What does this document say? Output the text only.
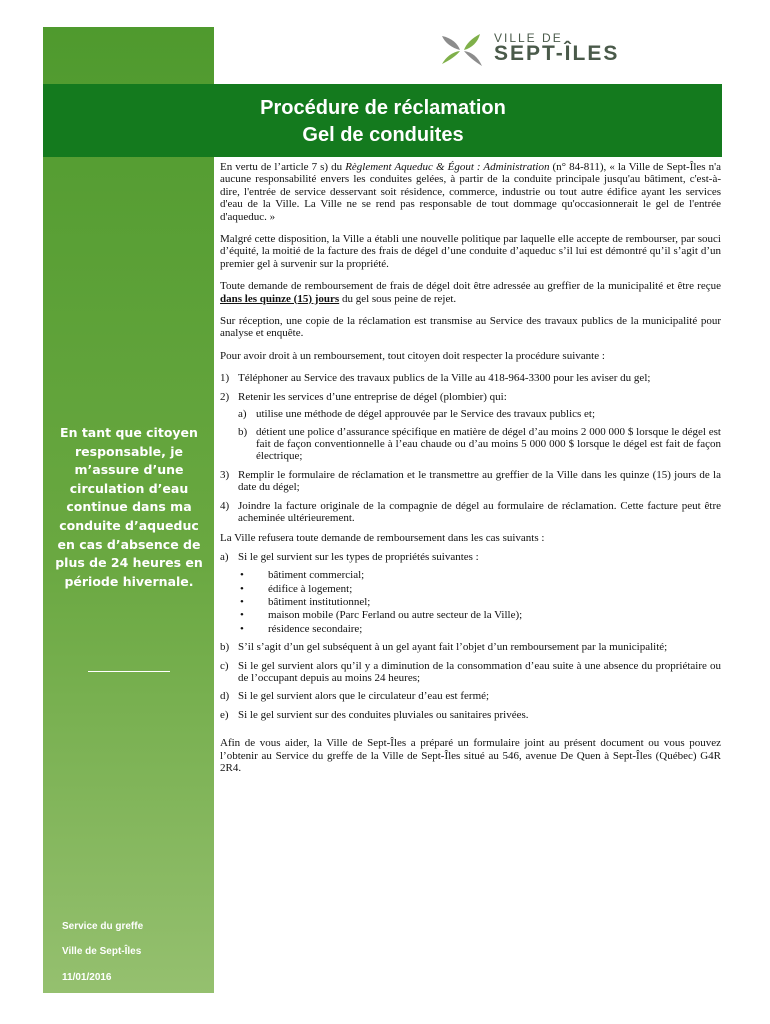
VILLE DE
SEPT-ÎLES
Procédure de réclamation
Gel de conduites
En tant que citoyen responsable, je m’assure d’une circulation d’eau continue dans ma conduite d’aqueduc en cas d’absence de plus de 24 heures en période hivernale.
Service du greffe
Ville de Sept-Îles
11/01/2016

En vertu de l’article 7 s) du Règlement Aqueduc & Égout : Administration (n° 84-811), « la Ville de Sept-Îles n'a aucune responsabilité envers les conduites gelées, à partir de la conduite principale jusqu'au bâtiment, c'est-à-dire, l'entrée de service desservant soit résidence, commerce, industrie ou tout autre édifice ayant les services d'eau de la Ville. La Ville ne se rend pas responsable de tout dommage qu'occasionnerait le gel de l'entrée d'aqueduc. »

Malgré cette disposition, la Ville a établi une nouvelle politique par laquelle elle accepte de rembourser, par souci d’équité, la moitié de la facture des frais de dégel d’une conduite d’aqueduc s’il lui est démontré qu’il s’agit d’un premier gel à survenir sur la propriété.

Toute demande de remboursement de frais de dégel doit être adressée au greffier de la municipalité et être reçue dans les quinze (15) jours du gel sous peine de rejet.

Sur réception, une copie de la réclamation est transmise au Service des travaux publics de la municipalité pour analyse et enquête.

Pour avoir droit à un remboursement, tout citoyen doit respecter la procédure suivante :

1) Téléphoner au Service des travaux publics de la Ville au 418-964-3300 pour les aviser du gel;
2) Retenir les services d’une entreprise de dégel (plombier) qui:
a) utilise une méthode de dégel approuvée par le Service des travaux publics et;
b) détient une police d’assurance spécifique en matière de dégel d’au moins 2 000 000 $ lorsque le dégel est fait de façon conventionnelle à l’eau chaude ou d’au moins 5 000 000 $ lorsque le dégel est fait de façon électrique;
3) Remplir le formulaire de réclamation et le transmettre au greffier de la Ville dans les quinze (15) jours de la date du dégel;
4) Joindre la facture originale de la compagnie de dégel au formulaire de réclamation. Cette facture peut être acheminée ultérieurement.

La Ville refusera toute demande de remboursement dans les cas suivants :

a) Si le gel survient sur les types de propriétés suivantes :
• bâtiment commercial;
• édifice à logement;
• bâtiment institutionnel;
• maison mobile (Parc Ferland ou autre secteur de la Ville);
• résidence secondaire;
b) S’il s’agit d’un gel subséquent à un gel ayant fait l’objet d’un remboursement par la municipalité;
c) Si le gel survient alors qu’il y a diminution de la consommation d’eau suite à une absence du propriétaire ou de l’occupant depuis au moins 24 heures;
d) Si le gel survient alors que le circulateur d’eau est fermé;
e) Si le gel survient sur des conduites pluviales ou sanitaires privées.

Afin de vous aider, la Ville de Sept-Îles a préparé un formulaire joint au présent document ou vous pouvez l’obtenir au Service du greffe de la Ville de Sept-Îles situé au 546, avenue De Quen à Sept-Îles (Québec) G4R 2R4.
